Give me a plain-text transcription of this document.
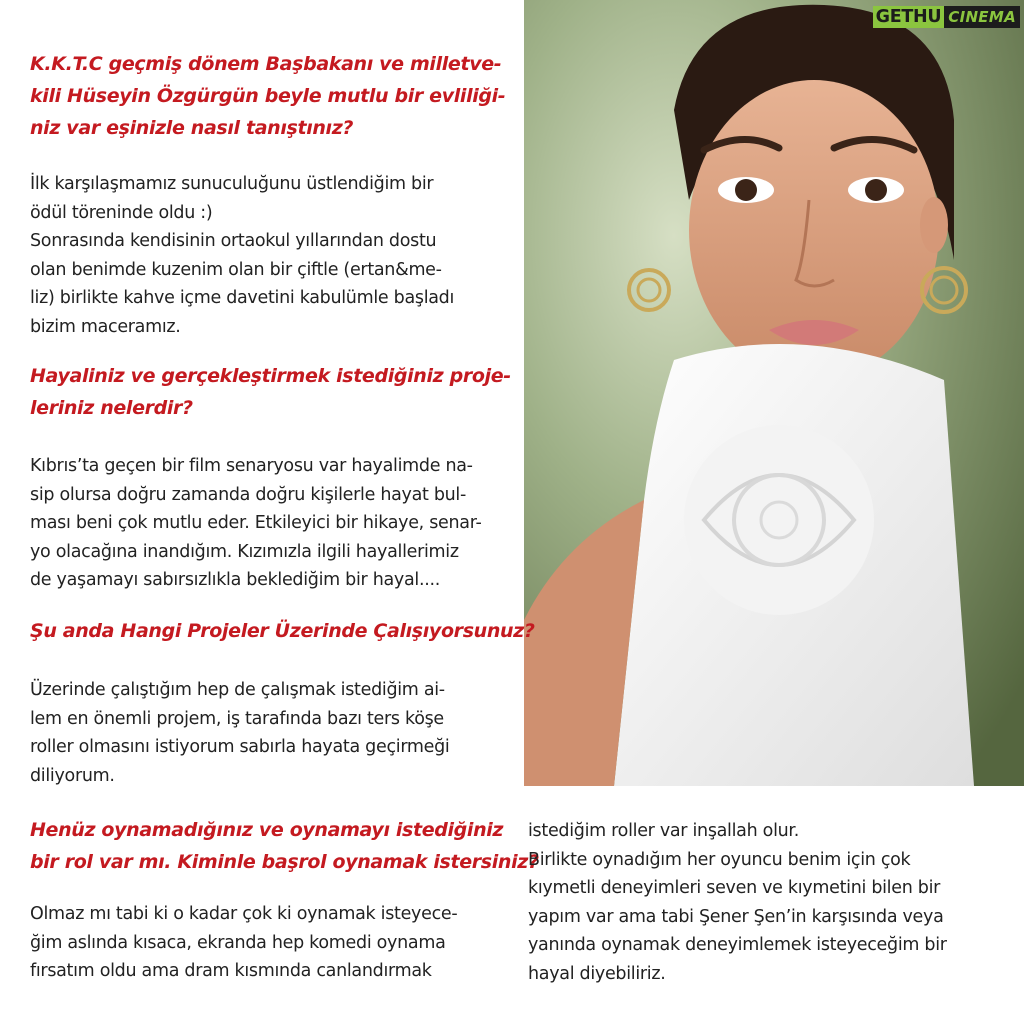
GETHU CINEMA
K.K.T.C geçmiş dönem Başbakanı ve milletve-
kili Hüseyin Özgürgün beyle mutlu bir evliliği-
niz var eşinizle nasıl tanıştınız?
İlk karşılaşmamız sunuculuğunu üstlendiğim bir
ödül töreninde oldu :)
Sonrasında kendisinin ortaokul yıllarından dostu
olan benimde kuzenim olan bir çiftle (ertan&me-
liz) birlikte kahve içme davetini kabulümle başladı
bizim maceramız.
Hayaliniz ve gerçekleştirmek istediğiniz proje-
leriniz nelerdir?
Kıbrıs’ta geçen bir film senaryosu var hayalimde na-
sip olursa doğru zamanda doğru kişilerle hayat bul-
ması beni çok mutlu eder. Etkileyici bir hikaye, senar-
yo olacağına inandığım. Kızımızla ilgili hayallerimiz
de yaşamayı sabırsızlıkla beklediğim bir hayal....
Şu anda Hangi Projeler Üzerinde Çalışıyorsunuz?
Üzerinde çalıştığım hep de çalışmak istediğim ai-
lem en önemli projem, iş tarafında bazı ters köşe
roller olmasını istiyorum sabırla hayata geçirmeği
diliyorum.
Henüz oynamadığınız ve oynamayı istediğiniz
bir rol var mı. Kiminle başrol oynamak istersiniz?
Olmaz mı tabi ki o kadar çok ki oynamak isteyece-
ğim aslında kısaca, ekranda hep komedi oynama
fırsatım oldu ama dram kısmında canlandırmak
istediğim roller var inşallah olur.
Birlikte oynadığım her oyuncu benim için çok
kıymetli deneyimleri seven ve kıymetini bilen bir
yapım var ama tabi Şener Şen’in karşısında veya
yanında oynamak deneyimlemek isteyeceğim bir
hayal diyebiliriz.
